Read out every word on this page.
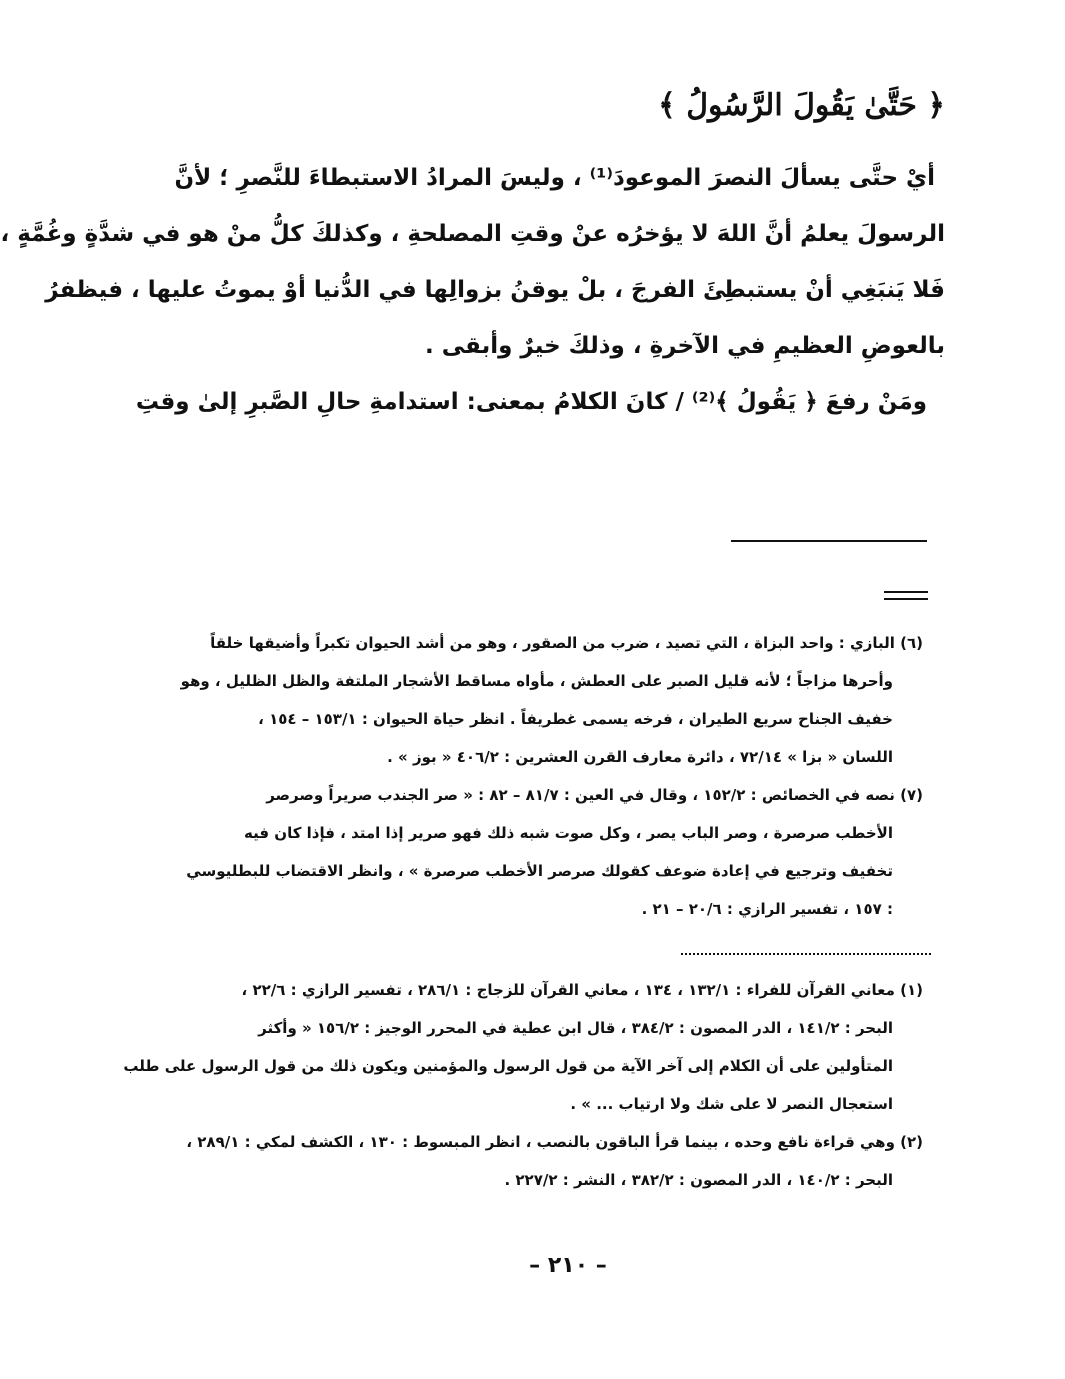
﴿ حَتَّىٰ يَقُولَ الرَّسُولُ ﴾
أيْ حتَّى يسألَ النصرَ الموعودَ⁽¹⁾ ، وليسَ المرادُ الاستبطاءَ للنَّصرِ ؛ لأنَّ
الرسولَ يعلمُ أنَّ اللهَ لا يؤخرُه عنْ وقتِ المصلحةِ ، وكذلكَ كلُّ منْ هو في شدَّةٍ وغُمَّةٍ ،
فَلا يَنبَغِي أنْ يستبطِئَ الفرجَ ، بلْ يوقنُ بزوالِها في الدُّنيا أوْ يموتُ عليها ، فيظفرُ
بالعوضِ العظيمِ في الآخرةِ ، وذلكَ خيرٌ وأبقى .
ومَنْ رفعَ ﴿ يَقُولُ ﴾⁽²⁾ / كانَ الكلامُ بمعنى: استدامةِ حالِ الصَّبرِ إلىٰ وقتِ
(٦) البازي : واحد البزاة ، التي تصيد ، ضرب من الصقور ، وهو من أشد الحيوان تكبراً وأضيقها خلقاً
وأحرها مزاجاً ؛ لأنه قليل الصبر على العطش ، مأواه مساقط الأشجار الملتفة والظل الظليل ، وهو
خفيف الجناح سريع الطيران ، فرخه يسمى غطريفاً . انظر حياة الحيوان : ١٥٣/١ – ١٥٤ ،
اللسان « بزا » ٧٢/١٤ ، دائرة معارف القرن العشرين : ٤٠٦/٢ « بوز » .
(٧) نصه في الخصائص : ١٥٢/٢ ، وقال في العين : ٨١/٧ – ٨٢ : « صر الجندب صريراً وصرصر
الأخطب صرصرة ، وصر الباب يصر ، وكل صوت شبه ذلك فهو صرير إذا امتد ، فإذا كان فيه
تخفيف وترجيع في إعادة ضوعف كقولك صرصر الأخطب صرصرة » ، وانظر الاقتضاب للبطليوسي
: ١٥٧ ، تفسير الرازي : ٢٠/٦ – ٢١ .
(١) معاني القرآن للفراء : ١٣٢/١ ، ١٣٤ ، معاني القرآن للزجاج : ٢٨٦/١ ، تفسير الرازي : ٢٢/٦ ،
البحر : ١٤١/٢ ، الدر المصون : ٣٨٤/٢ ، قال ابن عطية في المحرر الوجيز : ١٥٦/٢ « وأكثر
المتأولين على أن الكلام إلى آخر الآية من قول الرسول والمؤمنين ويكون ذلك من قول الرسول على طلب
استعجال النصر لا على شك ولا ارتياب ... » .
(٢) وهي قراءة نافع وحده ، بينما قرأ الباقون بالنصب ، انظر المبسوط : ١٣٠ ، الكشف لمكي : ٢٨٩/١ ،
البحر : ١٤٠/٢ ، الدر المصون : ٣٨٢/٢ ، النشر : ٢٢٧/٢ .
– ٢١٠ –
